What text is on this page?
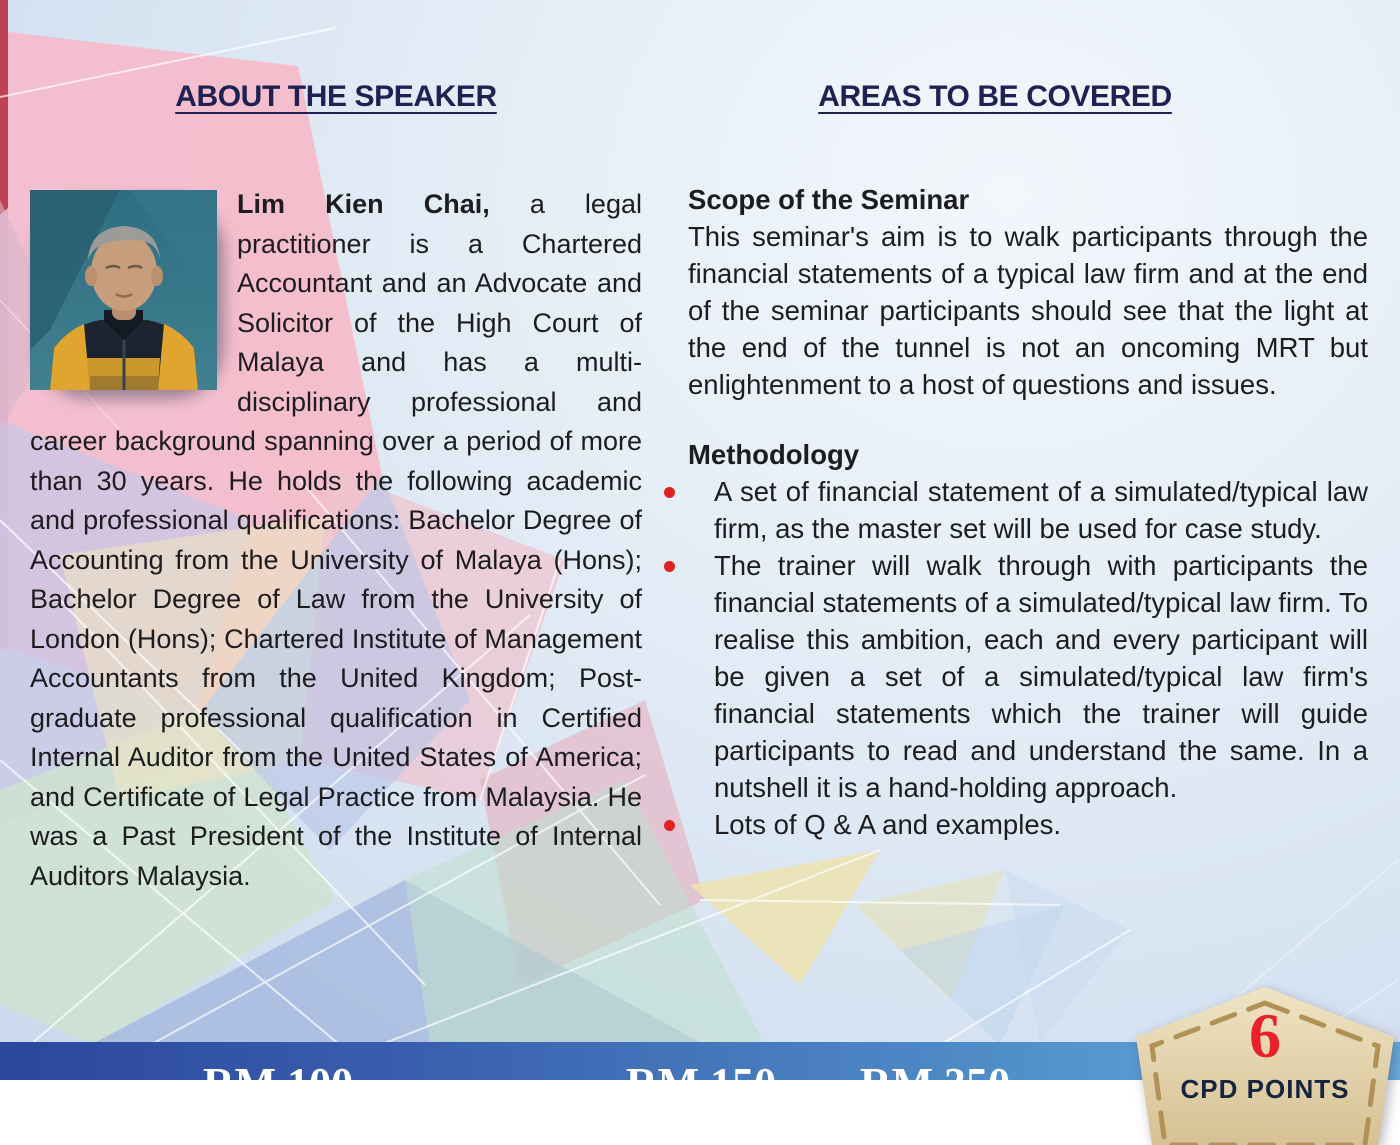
ABOUT THE SPEAKER
Lim Kien Chai, a legal practitioner is a Chartered Accountant and an Advocate and Solicitor of the High Court of Malaya and has a multi-disciplinary professional and career background spanning over a period of more than 30 years. He holds the following academic and professional qualifications: Bachelor Degree of Accounting from the University of Malaya (Hons); Bachelor Degree of Law from the University of London (Hons); Chartered Institute of Management Accountants from the United Kingdom; Post-graduate professional qualification in Certified Internal Auditor from the United States of America; and Certificate of Legal Practice from Malaysia. He was a Past President of the Institute of Internal Auditors Malaysia.
AREAS TO BE COVERED
Scope of the Seminar

This seminar's aim is to walk participants through the financial statements of a typical law firm and at the end of the seminar participants should see that the light at the end of the tunnel is not an oncoming MRT but enlightenment to a host of questions and issues.

Methodology
A set of financial statement of a simulated/typical law firm, as the master set will be used for case study.
The trainer will walk through with participants the financial statements of a simulated/typical law firm. To realise this ambition, each and every participant will be given a set of a simulated/typical law firm's financial statements which the trainer will guide participants to read and understand the same. In a nutshell it is a hand-holding approach.
Lots of Q & A and examples.
RM 100	RM 150 RM 350
6
CPD POINTS
